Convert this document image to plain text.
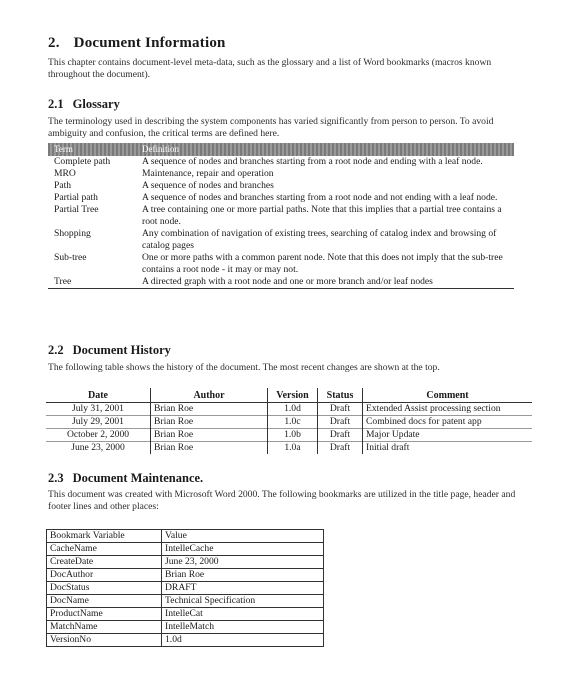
2. Document Information

This chapter contains document-level meta-data, such as the glossary and a list of Word bookmarks (macros known throughout the document).

2.1 Glossary

The terminology used in describing the system components has varied significantly from person to person. To avoid ambiguity and confusion, the critical terms are defined here.

Term	Definition
Complete path	A sequence of nodes and branches starting from a root node and ending with a leaf node.
MRO	Maintenance, repair and operation
Path	A sequence of nodes and branches
Partial path	A sequence of nodes and branches starting from a root node and not ending with a leaf node.
Partial Tree	A tree containing one or more partial paths. Note that this implies that a partial tree contains a root node.
Shopping	Any combination of navigation of existing trees, searching of catalog index and browsing of catalog pages
Sub-tree	One or more paths with a common parent node. Note that this does not imply that the sub-tree contains a root node - it may or may not.
Tree	A directed graph with a root node and one or more branch and/or leaf nodes
2.2 Document History

The following table shows the history of the document. The most recent changes are shown at the top.

Date	Author	Version	Status	Comment
July 31, 2001	Brian Roe	1.0d	Draft	Extended Assist processing section
July 29, 2001	Brian Roe	1.0c	Draft	Combined docs for patent app
October 2, 2000	Brian Roe	1.0b	Draft	Major Update
June 23, 2000	Brian Roe	1.0a	Draft	Initial draft
2.3 Document Maintenance.

This document was created with Microsoft Word 2000. The following bookmarks are utilized in the title page, header and footer lines and other places:

Bookmark Variable	Value
CacheName	IntelleCache
CreateDate	June 23, 2000
DocAuthor	Brian Roe
DocStatus	DRAFT
DocName	Technical Specification
ProductName	IntelleCat
MatchName	IntelleMatch
VersionNo	1.0d
